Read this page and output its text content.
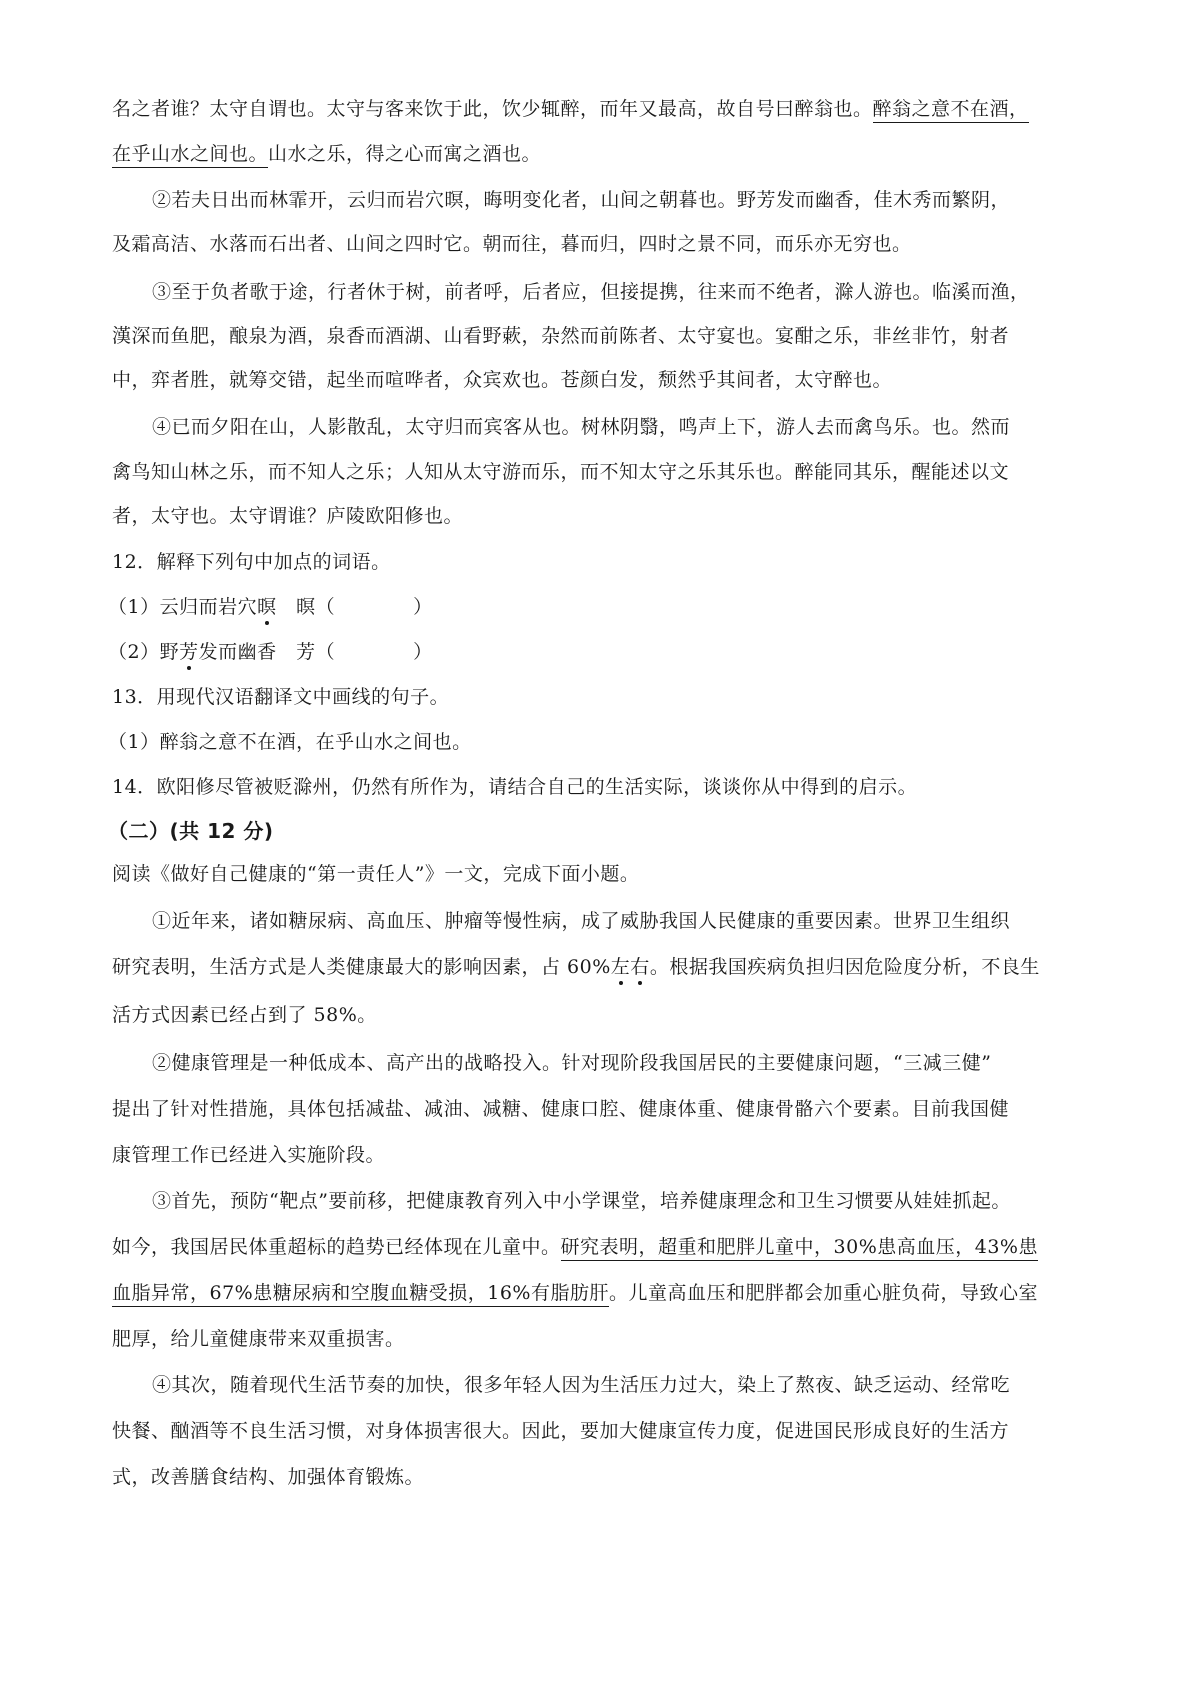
名之者谁？太守自谓也。太守与客来饮于此，饮少辄醉，而年又最高，故自号曰醉翁也。醉翁之意不在酒，
在乎山水之间也。山水之乐，得之心而寓之酒也。
②若夫日出而林霏开，云归而岩穴暝，晦明变化者，山间之朝暮也。野芳发而幽香，佳木秀而繁阴，
及霜高洁、水落而石出者、山间之四时它。朝而往，暮而归，四时之景不同，而乐亦无穷也。
③至于负者歌于途，行者休于树，前者呼，后者应，但接提携，往来而不绝者，滁人游也。临溪而渔，
漢深而鱼肥，酿泉为酒，泉香而酒湖、山看野蔌，杂然而前陈者、太守宴也。宴酣之乐，非丝非竹，射者
中，弈者胜，就筹交错，起坐而喧哗者，众宾欢也。苍颜白发，颓然乎其间者，太守醉也。
④已而夕阳在山，人影散乱，太守归而宾客从也。树林阴翳，鸣声上下，游人去而禽鸟乐。也。然而
禽鸟知山林之乐，而不知人之乐；人知从太守游而乐，而不知太守之乐其乐也。醉能同其乐，醒能述以文
者，太守也。太守谓谁？庐陵欧阳修也。
12．解释下列句中加点的词语。
（1）云归而岩穴暝　暝（　　　　）
（2）野芳发而幽香　芳（　　　　）
13．用现代汉语翻译文中画线的句子。
（1）醉翁之意不在酒，在乎山水之间也。
14．欧阳修尽管被贬滁州，仍然有所作为，请结合自己的生活实际，谈谈你从中得到的启示。
（二）(共 12 分)
阅读《做好自己健康的“第一责任人”》一文，完成下面小题。
①近年来，诸如糖尿病、高血压、肿瘤等慢性病，成了威胁我国人民健康的重要因素。世界卫生组织
研究表明，生活方式是人类健康最大的影响因素，占 60%左右。根据我国疾病负担归因危险度分析，不良生
活方式因素已经占到了 58%。
②健康管理是一种低成本、高产出的战略投入。针对现阶段我国居民的主要健康问题，“三减三健”
提出了针对性措施，具体包括减盐、减油、减糖、健康口腔、健康体重、健康骨骼六个要素。目前我国健
康管理工作已经进入实施阶段。
③首先，预防“靶点”要前移，把健康教育列入中小学课堂，培养健康理念和卫生习惯要从娃娃抓起。
如今，我国居民体重超标的趋势已经体现在儿童中。研究表明，超重和肥胖儿童中，30%患高血压，43%患
血脂异常，67%患糖尿病和空腹血糖受损，16%有脂肪肝。儿童高血压和肥胖都会加重心脏负荷，导致心室
肥厚，给儿童健康带来双重损害。
④其次，随着现代生活节奏的加快，很多年轻人因为生活压力过大，染上了熬夜、缺乏运动、经常吃
快餐、酗酒等不良生活习惯，对身体损害很大。因此，要加大健康宣传力度，促进国民形成良好的生活方
式，改善膳食结构、加强体育锻炼。
